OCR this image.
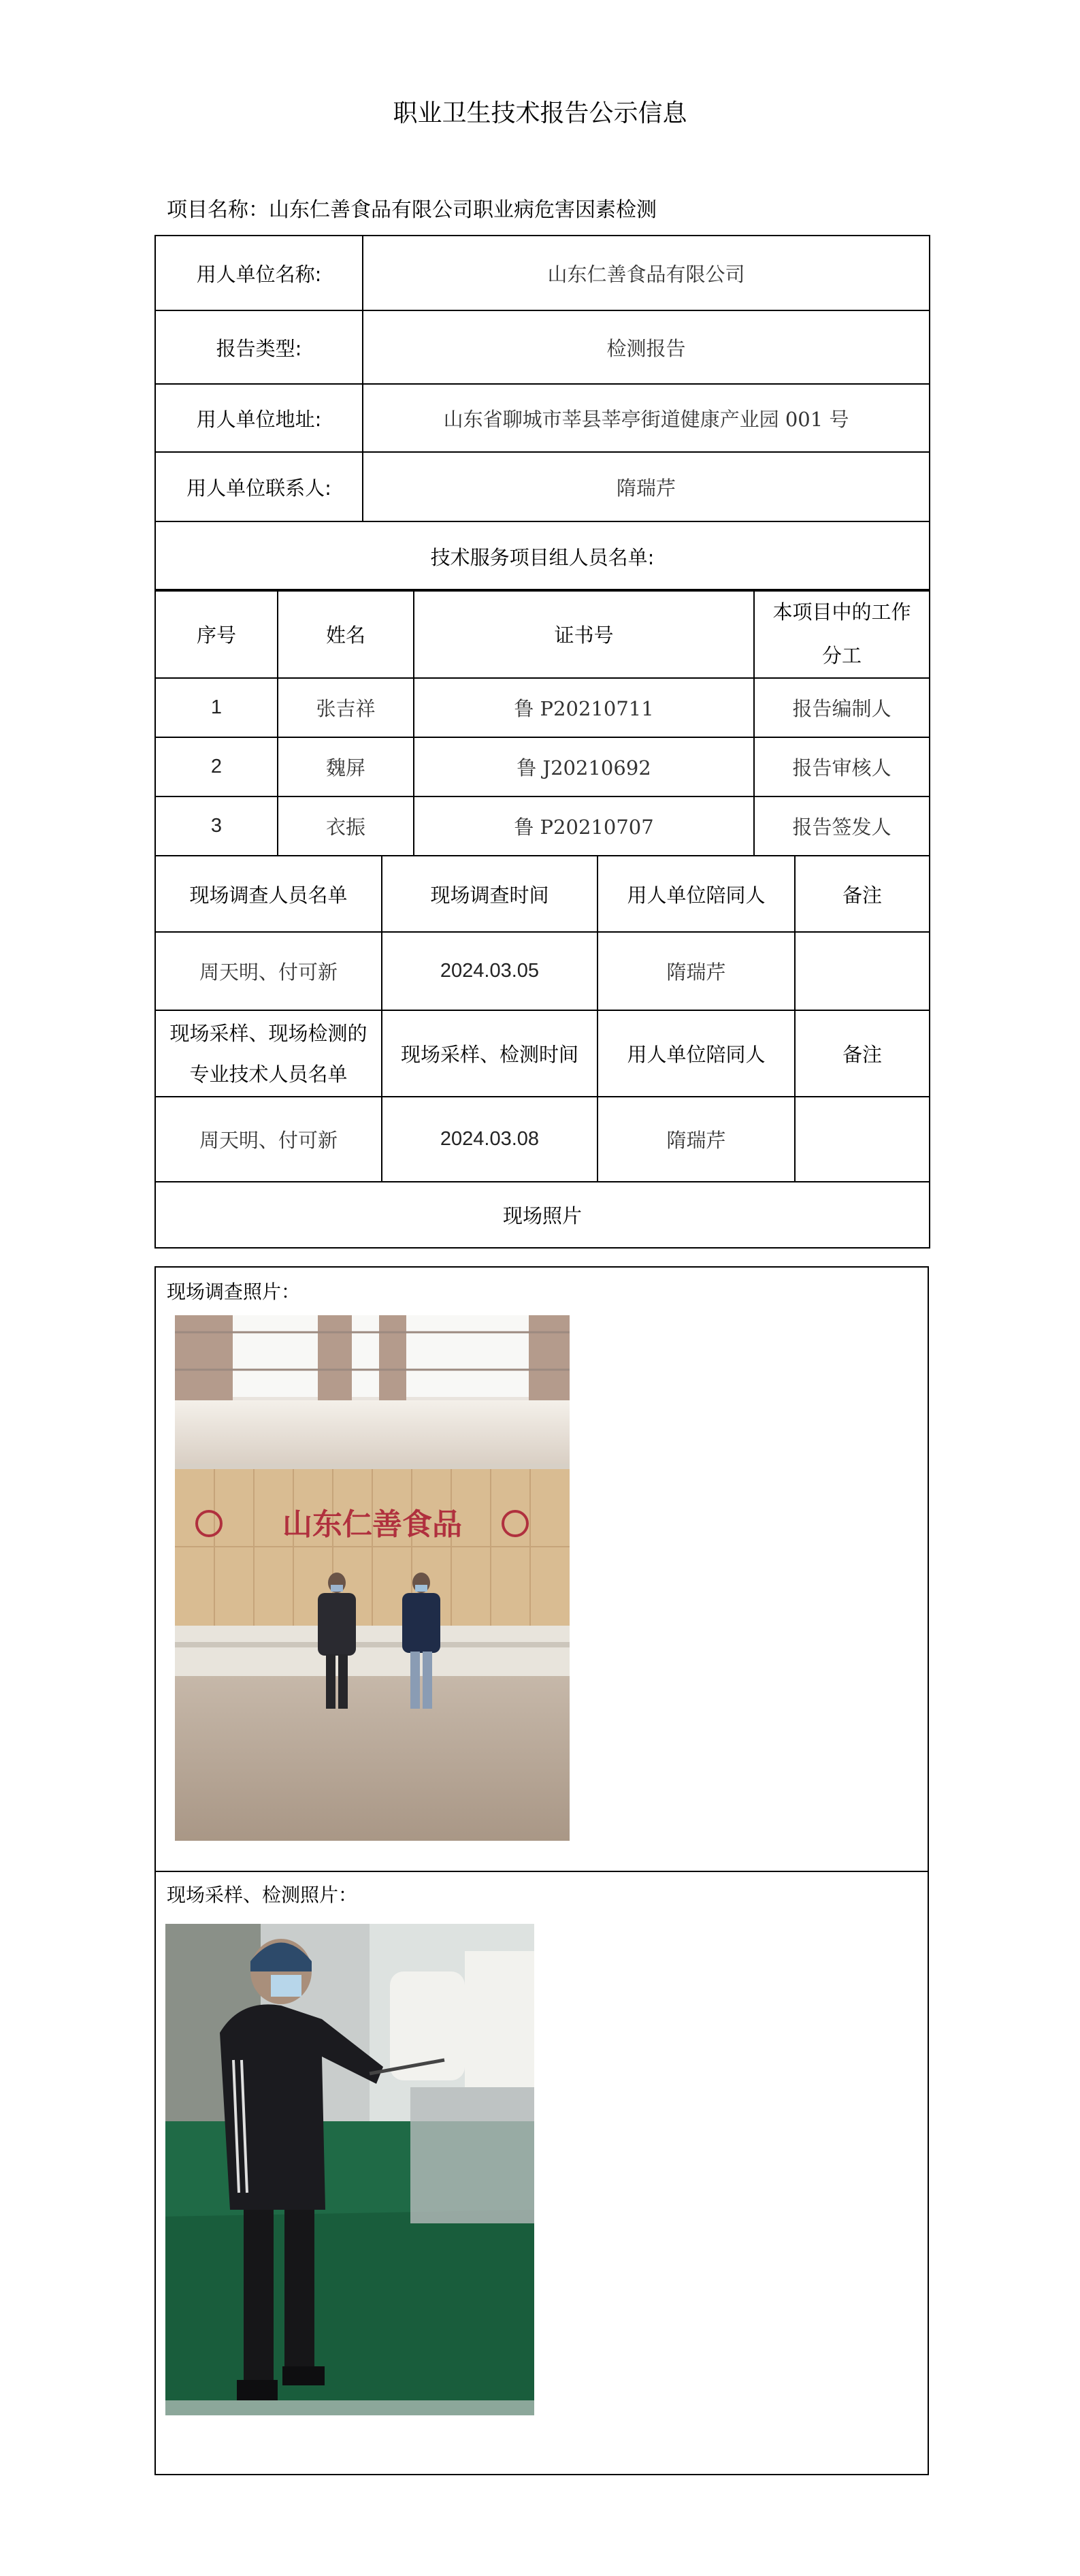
职业卫生技术报告公示信息
项目名称：山东仁善食品有限公司职业病危害因素检测
用人单位名称:	山东仁善食品有限公司
报告类型:	检测报告
用人单位地址:	山东省聊城市莘县莘亭街道健康产业园 001 号
用人单位联系人:	隋瑞芹
技术服务项目组人员名单:	
序号	姓名	证书号	本项目中的工作分工
1	张吉祥	鲁 P20210711	报告编制人
2	魏屏	鲁 J20210692	报告审核人
3	衣振	鲁 P20210707	报告签发人
现场调查人员名单	现场调查时间	用人单位陪同人	备注
周天明、付可新	2024.03.05	隋瑞芹	
现场采样、现场检测的专业技术人员名单	现场采样、检测时间	用人单位陪同人	备注
周天明、付可新	2024.03.08	隋瑞芹	
现场照片			
现场调查照片：
山东仁善食品
现场采样、检测照片：
